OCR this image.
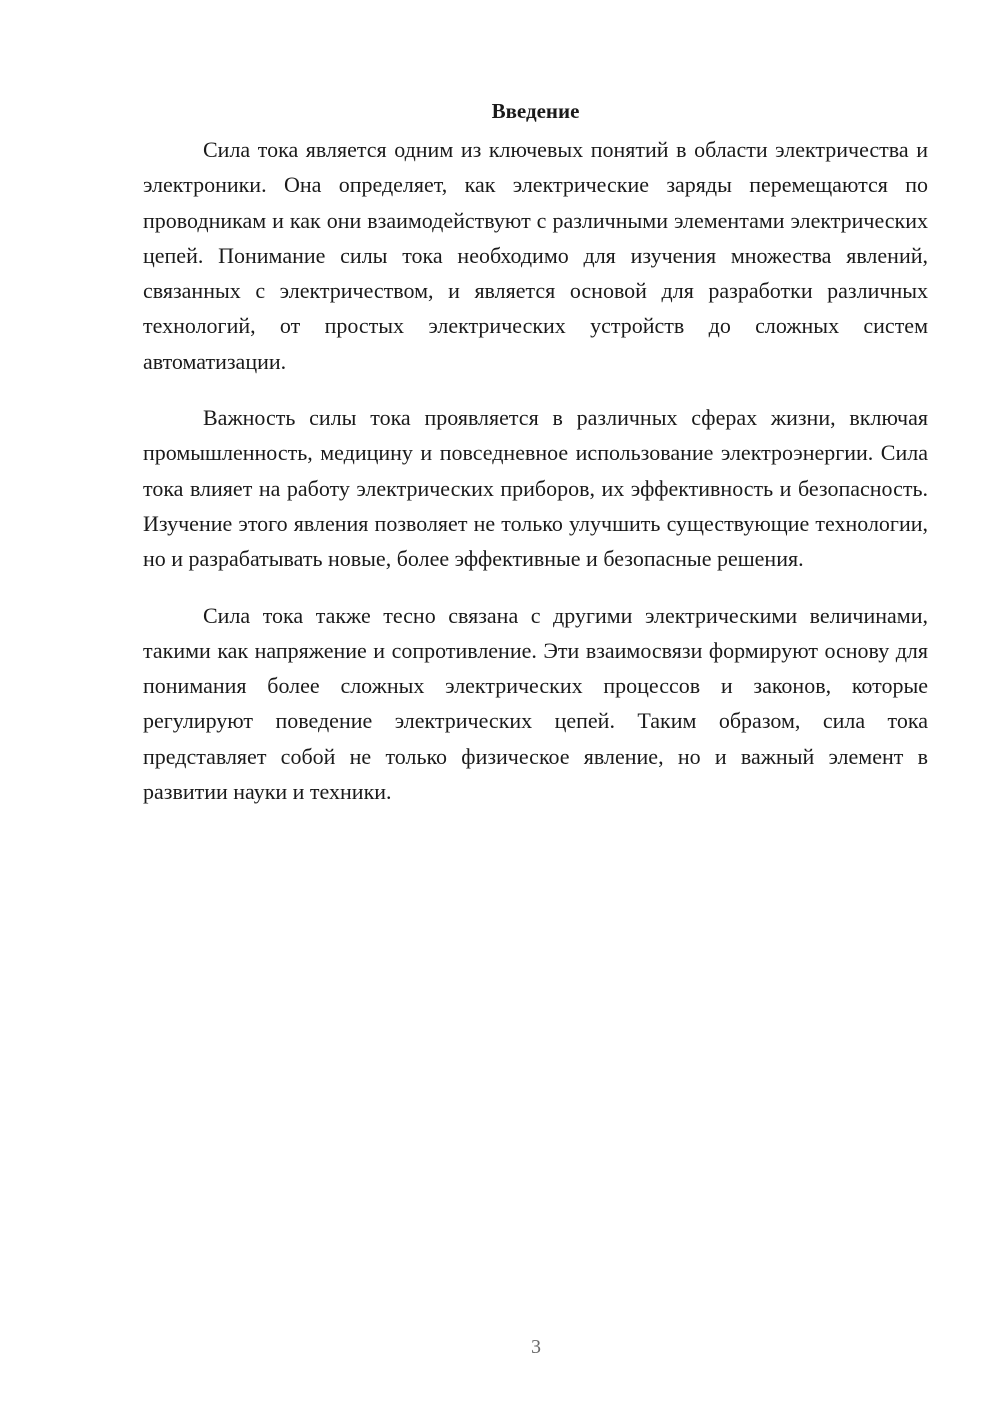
Введение

Сила тока является одним из ключевых понятий в области электричества и электроники. Она определяет, как электрические заряды перемещаются по проводникам и как они взаимодействуют с различными элементами электрических цепей. Понимание силы тока необходимо для изучения множества явлений, связанных с электричеством, и является основой для разработки различных технологий, от простых электрических устройств до сложных систем автоматизации.

Важность силы тока проявляется в различных сферах жизни, включая промышленность, медицину и повседневное использование электроэнергии. Сила тока влияет на работу электрических приборов, их эффективность и безопасность. Изучение этого явления позволяет не только улучшить существующие технологии, но и разрабатывать новые, более эффективные и безопасные решения.

Сила тока также тесно связана с другими электрическими величинами, такими как напряжение и сопротивление. Эти взаимосвязи формируют основу для понимания более сложных электрических процессов и законов, которые регулируют поведение электрических цепей. Таким образом, сила тока представляет собой не только физическое явление, но и важный элемент в развитии науки и техники.

3
